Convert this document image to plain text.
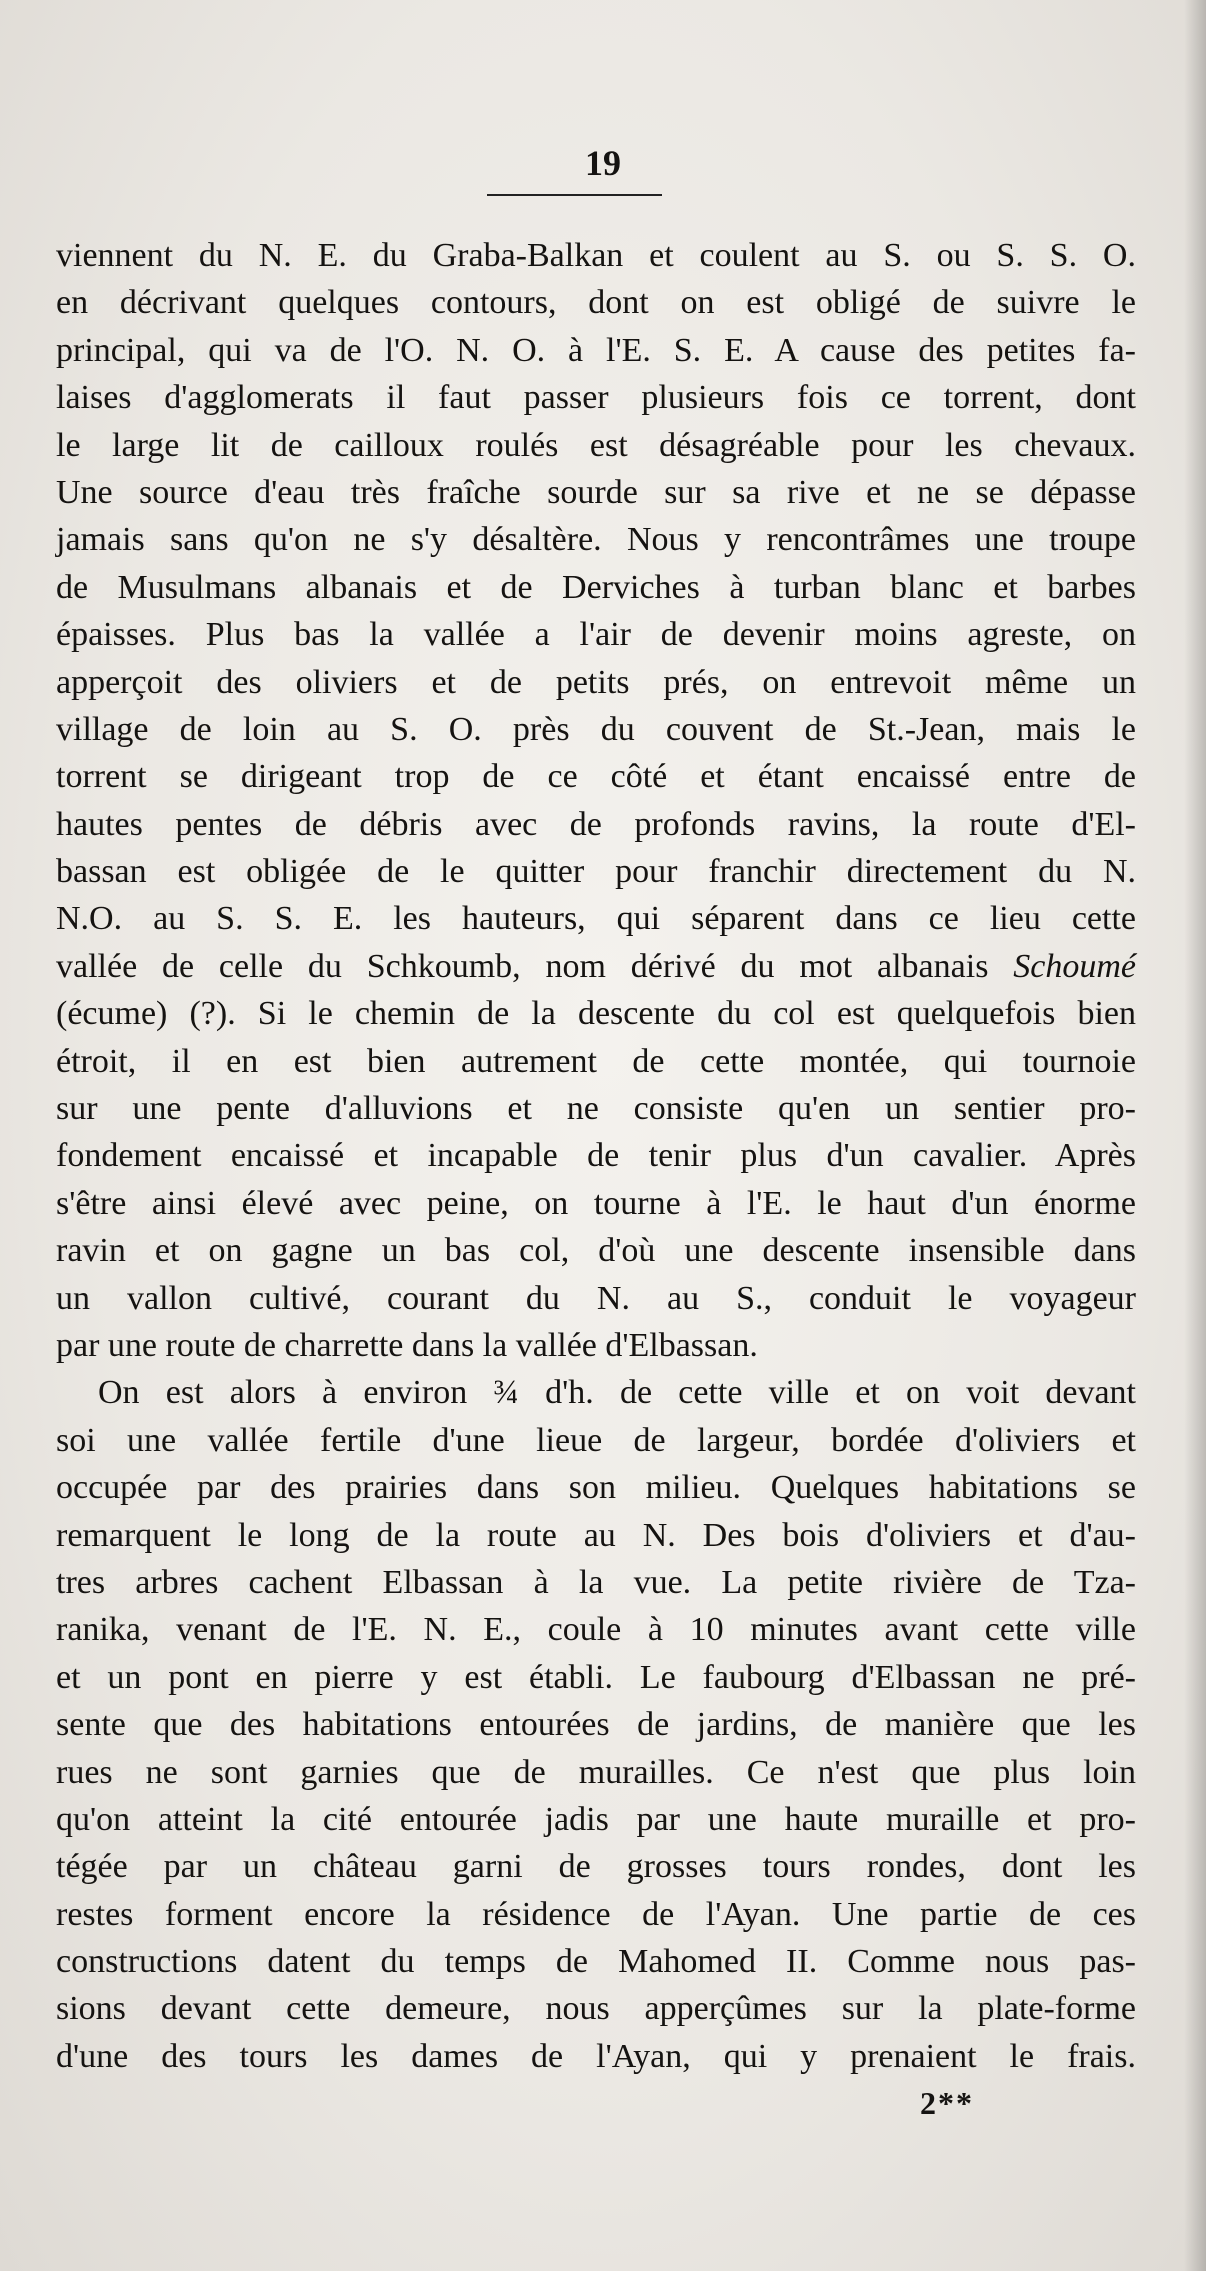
19
viennent du N. E. du Graba-Balkan et coulent au S. ou S. S. O.
en décrivant quelques contours, dont on est obligé de suivre le
principal, qui va de l'O. N. O. à l'E. S. E. A cause des petites fa-
laises d'agglomerats il faut passer plusieurs fois ce torrent, dont
le large lit de cailloux roulés est désagréable pour les chevaux.
Une source d'eau très fraîche sourde sur sa rive et ne se dépasse
jamais sans qu'on ne s'y désaltère. Nous y rencontrâmes une troupe
de Musulmans albanais et de Derviches à turban blanc et barbes
épaisses. Plus bas la vallée a l'air de devenir moins agreste, on
apperçoit des oliviers et de petits prés, on entrevoit même un
village de loin au S. O. près du couvent de St.-Jean, mais le
torrent se dirigeant trop de ce côté et étant encaissé entre de
hautes pentes de débris avec de profonds ravins, la route d'El-
bassan est obligée de le quitter pour franchir directement du N.
N.O. au S. S. E. les hauteurs, qui séparent dans ce lieu cette
vallée de celle du Schkoumb, nom dérivé du mot albanais Schoumé
(écume) (?). Si le chemin de la descente du col est quelquefois bien
étroit, il en est bien autrement de cette montée, qui tournoie
sur une pente d'alluvions et ne consiste qu'en un sentier pro-
fondement encaissé et incapable de tenir plus d'un cavalier. Après
s'être ainsi élevé avec peine, on tourne à l'E. le haut d'un énorme
ravin et on gagne un bas col, d'où une descente insensible dans
un vallon cultivé, courant du N. au S., conduit le voyageur
par une route de charrette dans la vallée d'Elbassan.
On est alors à environ ¾ d'h. de cette ville et on voit devant
soi une vallée fertile d'une lieue de largeur, bordée d'oliviers et
occupée par des prairies dans son milieu. Quelques habitations se
remarquent le long de la route au N. Des bois d'oliviers et d'au-
tres arbres cachent Elbassan à la vue. La petite rivière de Tza-
ranika, venant de l'E. N. E., coule à 10 minutes avant cette ville
et un pont en pierre y est établi. Le faubourg d'Elbassan ne pré-
sente que des habitations entourées de jardins, de manière que les
rues ne sont garnies que de murailles. Ce n'est que plus loin
qu'on atteint la cité entourée jadis par une haute muraille et pro-
tégée par un château garni de grosses tours rondes, dont les
restes forment encore la résidence de l'Ayan. Une partie de ces
constructions datent du temps de Mahomed II. Comme nous pas-
sions devant cette demeure, nous apperçûmes sur la plate-forme
d'une des tours les dames de l'Ayan, qui y prenaient le frais.
2**
